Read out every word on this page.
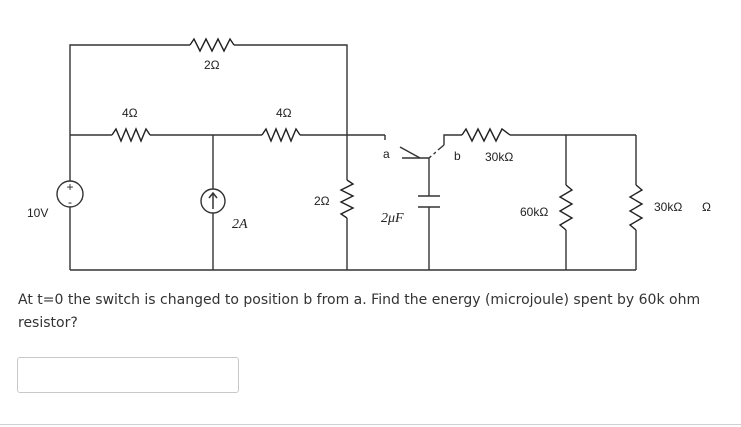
+
-
2Ω
4Ω	4Ω
2Ω
30kΩ
60kΩ	30kΩ Ω
10V
2A	2μF
a	b
At t=0 the switch is changed to position b from a. Find the energy (microjoule) spent by 60k ohm resistor?
